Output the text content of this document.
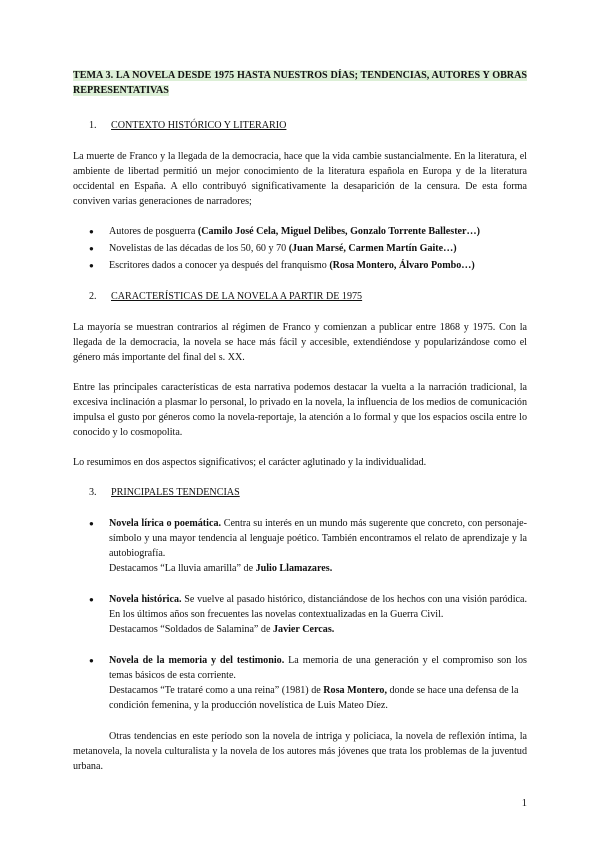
TEMA 3. LA NOVELA DESDE 1975 HASTA NUESTROS DÍAS; TENDENCIAS, AUTORES Y OBRAS REPRESENTATIVAS
1. CONTEXTO HISTÓRICO Y LITERARIO

La muerte de Franco y la llegada de la democracia, hace que la vida cambie sustancialmente. En la literatura, el ambiente de libertad permitió un mejor conocimiento de la literatura española en Europa y de la literatura occidental en España. A ello contribuyó significativamente la desaparición de la censura. De esta forma conviven varias generaciones de narradores;

● Autores de posguerra (Camilo José Cela, Miguel Delibes, Gonzalo Torrente Ballester…)
● Novelistas de las décadas de los 50, 60 y 70 (Juan Marsé, Carmen Martín Gaite…)
● Escritores dados a conocer ya después del franquismo (Rosa Montero, Álvaro Pombo…)
2. CARACTERÍSTICAS DE LA NOVELA A PARTIR DE 1975

La mayoría se muestran contrarios al régimen de Franco y comienzan a publicar entre 1868 y 1975. Con la llegada de la democracia, la novela se hace más fácil y accesible, extendiéndose y popularizándose como el género más importante del final del s. XX.

Entre las principales características de esta narrativa podemos destacar la vuelta a la narración tradicional, la excesiva inclinación a plasmar lo personal, lo privado en la novela, la influencia de los medios de comunicación impulsa el gusto por géneros como la novela-reportaje, la atención a lo formal y que los espacios oscila entre lo conocido y lo cosmopolita.

Lo resumimos en dos aspectos significativos; el carácter aglutinado y la individualidad.

3. PRINCIPALES TENDENCIAS
● Novela lírica o poemática. Centra su interés en un mundo más sugerente que concreto, con personaje-símbolo y una mayor tendencia al lenguaje poético. También encontramos el relato de aprendizaje y la autobiografía.
Destacamos “La lluvia amarilla” de Julio Llamazares.
● Novela histórica. Se vuelve al pasado histórico, distanciándose de los hechos con una visión paródica. En los últimos años son frecuentes las novelas contextualizadas en la Guerra Civil.
Destacamos “Soldados de Salamina” de Javier Cercas.
● Novela de la memoria y del testimonio. La memoria de una generación y el compromiso son los temas básicos de esta corriente.
Destacamos “Te trataré como a una reina” (1981) de Rosa Montero, donde se hace una defensa de la condición femenina, y la producción novelística de Luis Mateo Díez.

Otras tendencias en este período son la novela de intriga y policiaca, la novela de reflexión íntima, la metanovela, la novela culturalista y la novela de los autores más jóvenes que trata los problemas de la juventud urbana.

1
